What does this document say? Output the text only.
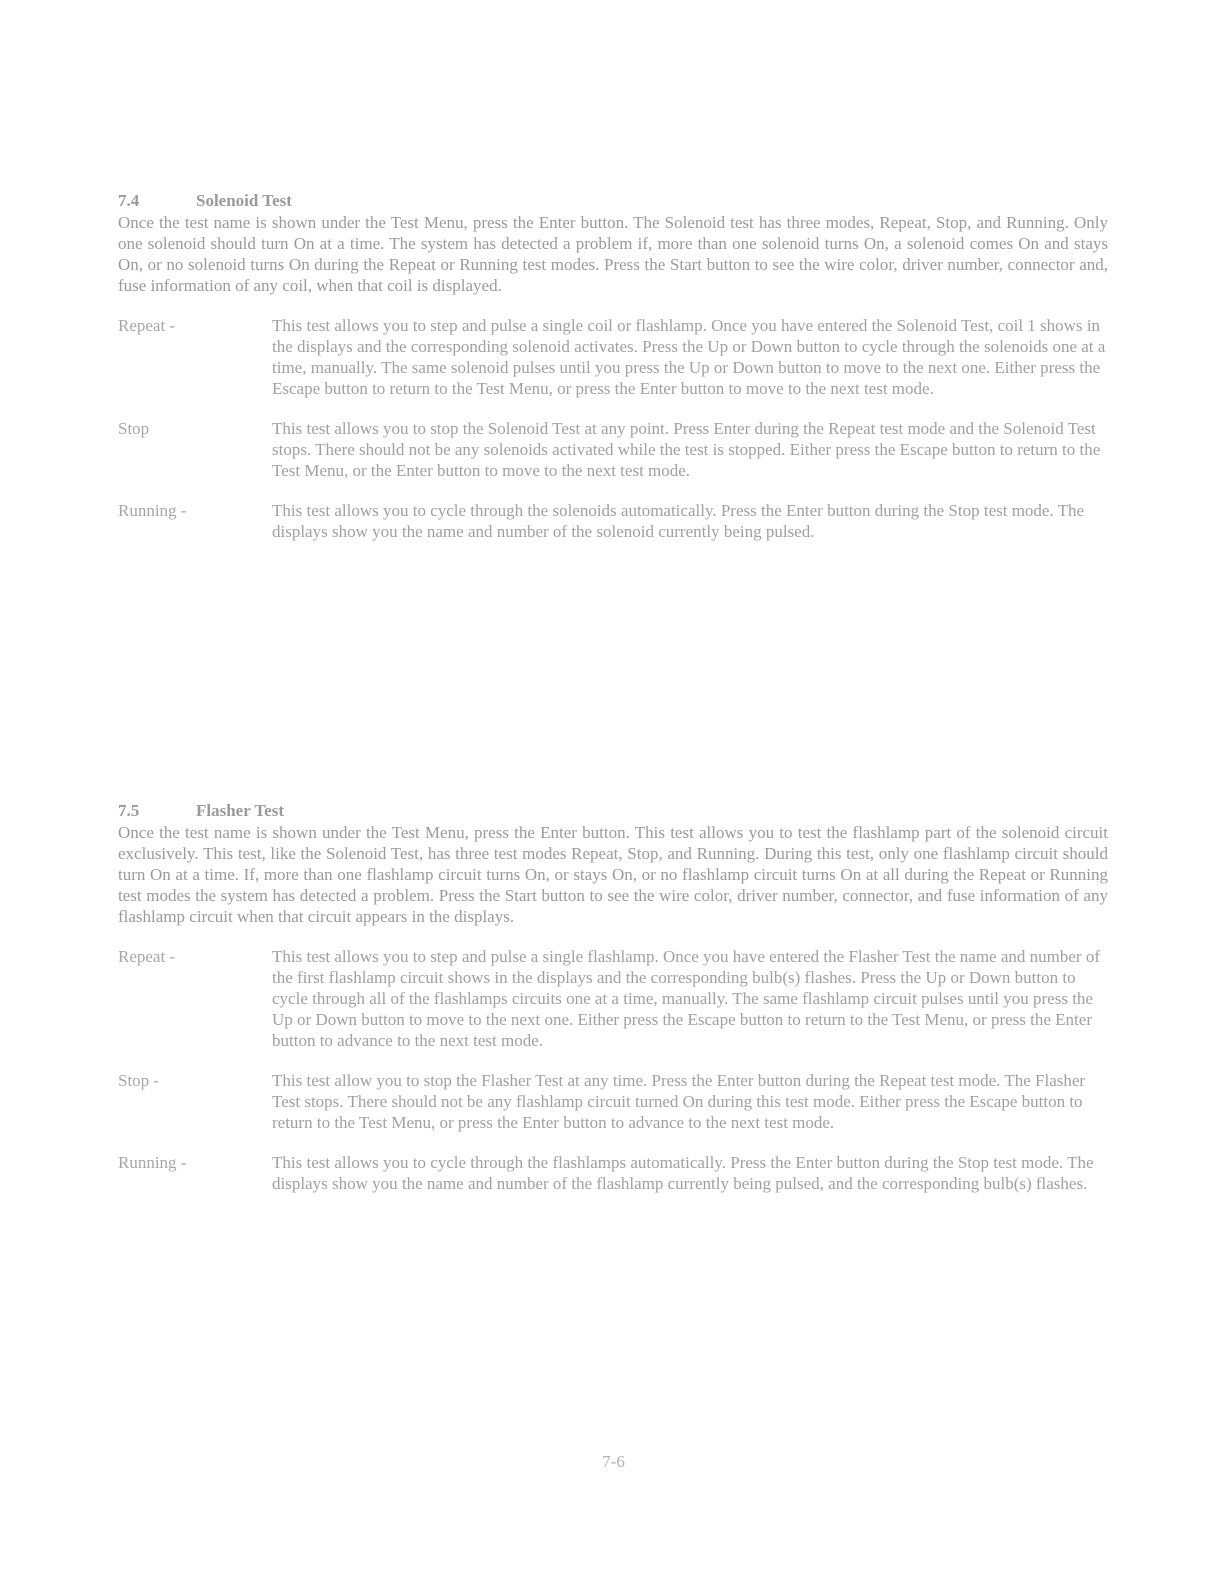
7.4	Solenoid Test

Once the test name is shown under the Test Menu, press the Enter button. The Solenoid test has three modes, Repeat, Stop, and Running. Only one solenoid should turn On at a time. The system has detected a problem if, more than one solenoid turns On, a solenoid comes On and stays On, or no solenoid turns On during the Repeat or Running test modes. Press the Start button to see the wire color, driver number, connector and, fuse information of any coil, when that coil is displayed.

Repeat -	This test allows you to step and pulse a single coil or flashlamp. Once you have entered the Solenoid Test, coil 1 shows in the displays and the corresponding solenoid activates. Press the Up or Down button to cycle through the solenoids one at a time, manually. The same solenoid pulses until you press the Up or Down button to move to the next one. Either press the Escape button to return to the Test Menu, or press the Enter button to move to the next test mode.
Stop	This test allows you to stop the Solenoid Test at any point. Press Enter during the Repeat test mode and the Solenoid Test stops. There should not be any solenoids activated while the test is stopped. Either press the Escape button to return to the Test Menu, or the Enter button to move to the next test mode.
Running -	This test allows you to cycle through the solenoids automatically. Press the Enter button during the Stop test mode. The displays show you the name and number of the solenoid currently being pulsed.
7.5	Flasher Test

Once the test name is shown under the Test Menu, press the Enter button. This test allows you to test the flashlamp part of the solenoid circuit exclusively. This test, like the Solenoid Test, has three test modes Repeat, Stop, and Running. During this test, only one flashlamp circuit should turn On at a time. If, more than one flashlamp circuit turns On, or stays On, or no flashlamp circuit turns On at all during the Repeat or Running test modes the system has detected a problem. Press the Start button to see the wire color, driver number, connector, and fuse information of any flashlamp circuit when that circuit appears in the displays.

Repeat -	This test allows you to step and pulse a single flashlamp. Once you have entered the Flasher Test the name and number of the first flashlamp circuit shows in the displays and the corresponding bulb(s) flashes. Press the Up or Down button to cycle through all of the flashlamps circuits one at a time, manually. The same flashlamp circuit pulses until you press the Up or Down button to move to the next one. Either press the Escape button to return to the Test Menu, or press the Enter button to advance to the next test mode.
Stop -	This test allow you to stop the Flasher Test at any time. Press the Enter button during the Repeat test mode. The Flasher Test stops. There should not be any flashlamp circuit turned On during this test mode. Either press the Escape button to return to the Test Menu, or press the Enter button to advance to the next test mode.
Running -	This test allows you to cycle through the flashlamps automatically. Press the Enter button during the Stop test mode. The displays show you the name and number of the flashlamp currently being pulsed, and the corresponding bulb(s) flashes.
7-6
